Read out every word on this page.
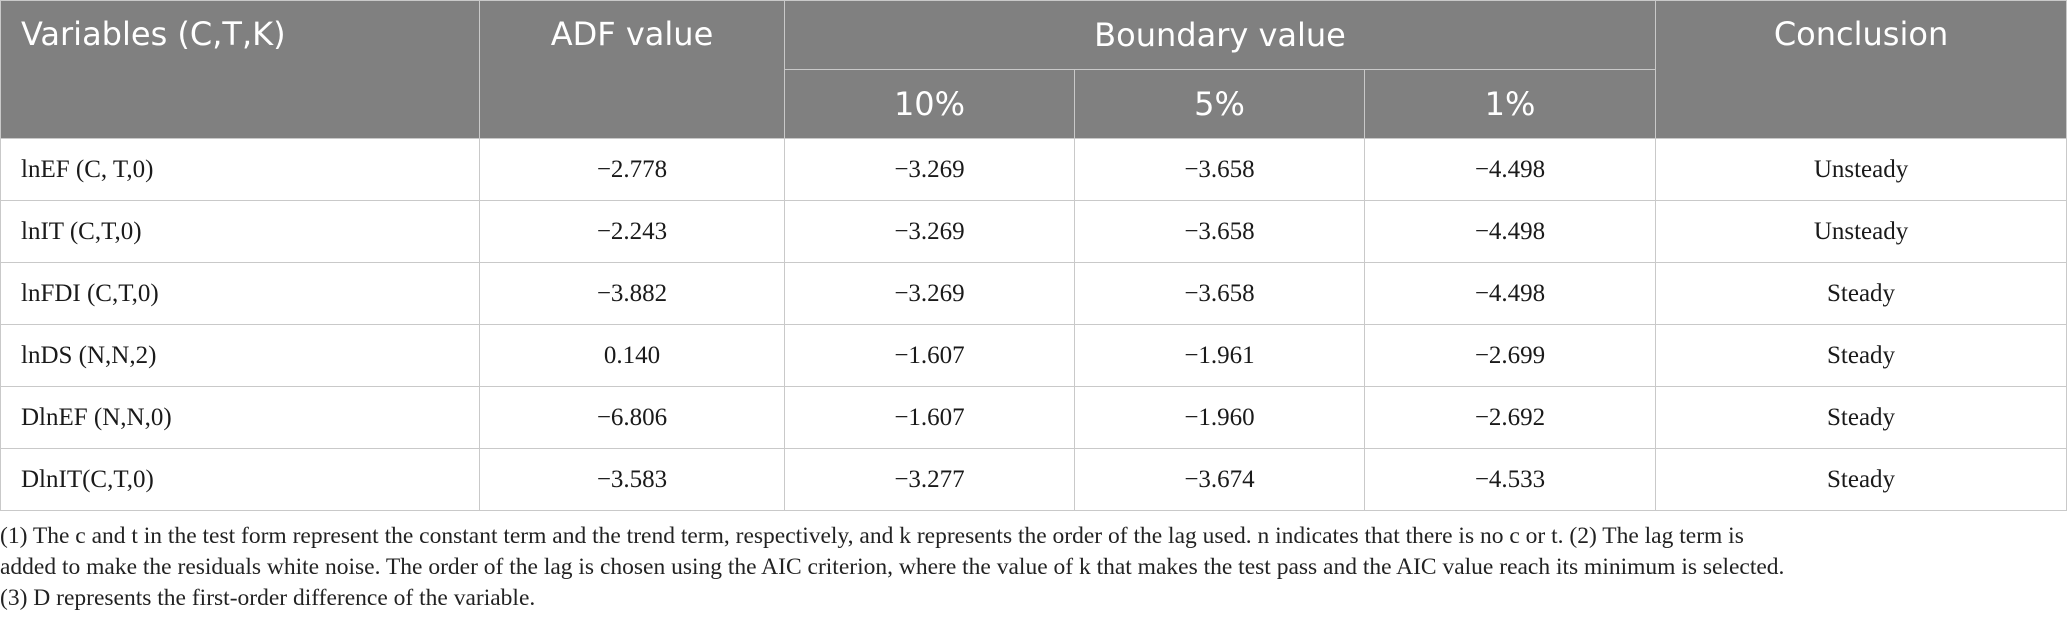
Variables (C,T,K)	ADF value	Boundary value			Conclusion
		10%	5%	1%	
lnEF (C, T,0)	−2.778	−3.269	−3.658	−4.498	Unsteady
lnIT (C,T,0)	−2.243	−3.269	−3.658	−4.498	Unsteady
lnFDI (C,T,0)	−3.882	−3.269	−3.658	−4.498	Steady
lnDS (N,N,2)	0.140	−1.607	−1.961	−2.699	Steady
DlnEF (N,N,0)	−6.806	−1.607	−1.960	−2.692	Steady
DlnIT(C,T,0)	−3.583	−3.277	−3.674	−4.533	Steady

(1) The c and t in the test form represent the constant term and the trend term, respectively, and k represents the order of the lag used. n indicates that there is no c or t. (2) The lag term is

added to make the residuals white noise. The order of the lag is chosen using the AIC criterion, where the value of k that makes the test pass and the AIC value reach its minimum is selected.

(3) D represents the first-order difference of the variable.
